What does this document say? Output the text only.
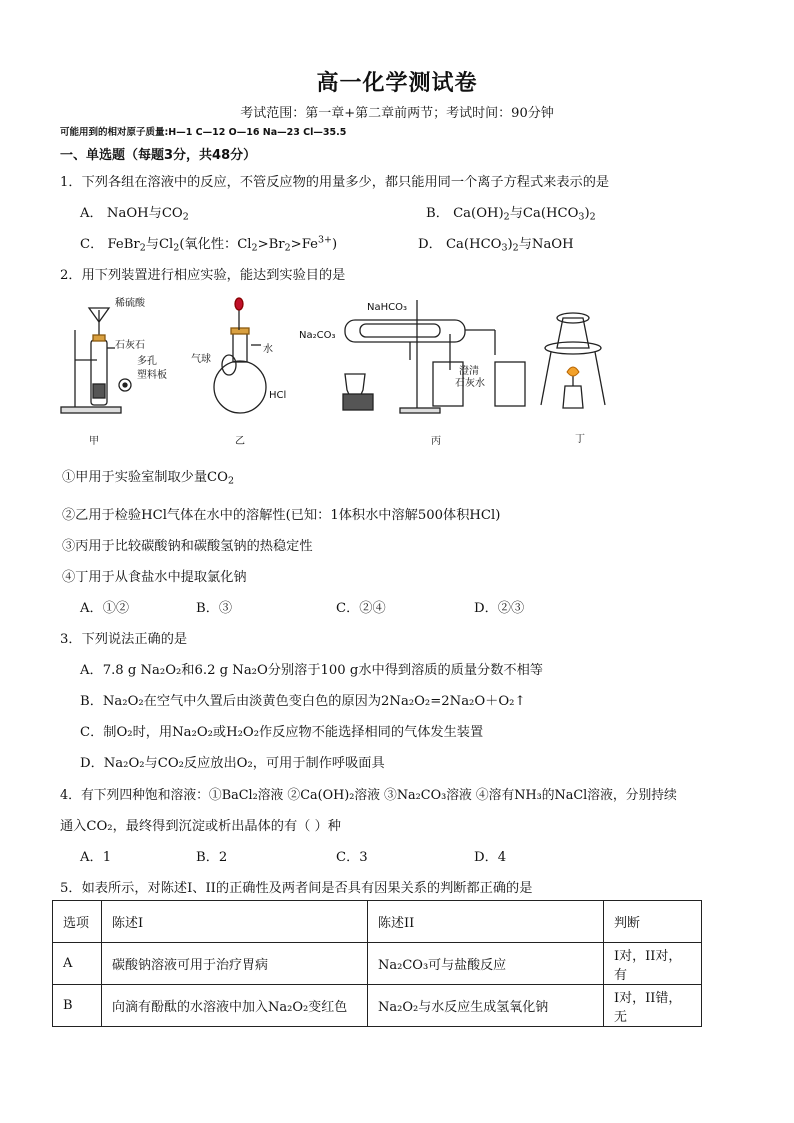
高一化学测试卷
考试范围：第一章+第二章前两节；考试时间：90分钟
可能用到的相对原子质量:H—1 C—12 O—16 Na—23 Cl—35.5
一、单选题（每题3分，共48分）
1．下列各组在溶液中的反应，不管反应物的用量多少，都只能用同一个离子方程式来表示的是
A． NaOH与$CO_2$	B． $Ca(OH)_2$与$Ca(HCO_3)_2$
C． FeBr$_2$与$Cl_2$(氧化性：$Cl_2>Br_2>Fe^{3+}$)	D． $Ca(HCO_3)_2$与NaOH
2．用下列装置进行相应实验，能达到实验目的是
稀硫酸
石灰石
多孔
塑料板
甲
气球
水
HCl
乙
NaHCO₃
Na₂CO₃
澄清
石灰水
丙	丁
①甲用于实验室制取少量$CO_2$
②乙用于检验HCl气体在水中的溶解性(已知：1体积水中溶解500体积HCl)
③丙用于比较碳酸钠和碳酸氢钠的热稳定性
④丁用于从食盐水中提取氯化钠
A．①②	B．③	C．②④	D．②③
3．下列说法正确的是
A．7.8 g Na₂O₂和6.2 g Na₂O分别溶于100 g水中得到溶质的质量分数不相等
B．Na₂O₂在空气中久置后由淡黄色变白色的原因为2Na₂O₂=2Na₂O＋O₂↑
C．制O₂时，用Na₂O₂或H₂O₂作反应物不能选择相同的气体发生装置
D．Na₂O₂与CO₂反应放出O₂，可用于制作呼吸面具
4．有下列四种饱和溶液：①BaCl₂溶液 ②Ca(OH)₂溶液 ③Na₂CO₃溶液 ④溶有NH₃的NaCl溶液，分别持续
通入CO₂，最终得到沉淀或析出晶体的有（ ）种
A．1	B．2	C．3	D．4
5．如表所示，对陈述I、II的正确性及两者间是否具有因果关系的判断都正确的是
选项	陈述I	陈述II	判断
A	碳酸钠溶液可用于治疗胃病	Na₂CO₃可与盐酸反应	I对，II对，有
B	向滴有酚酞的水溶液中加入Na₂O₂变红色	Na₂O₂与水反应生成氢氧化钠	I对，II错，无
